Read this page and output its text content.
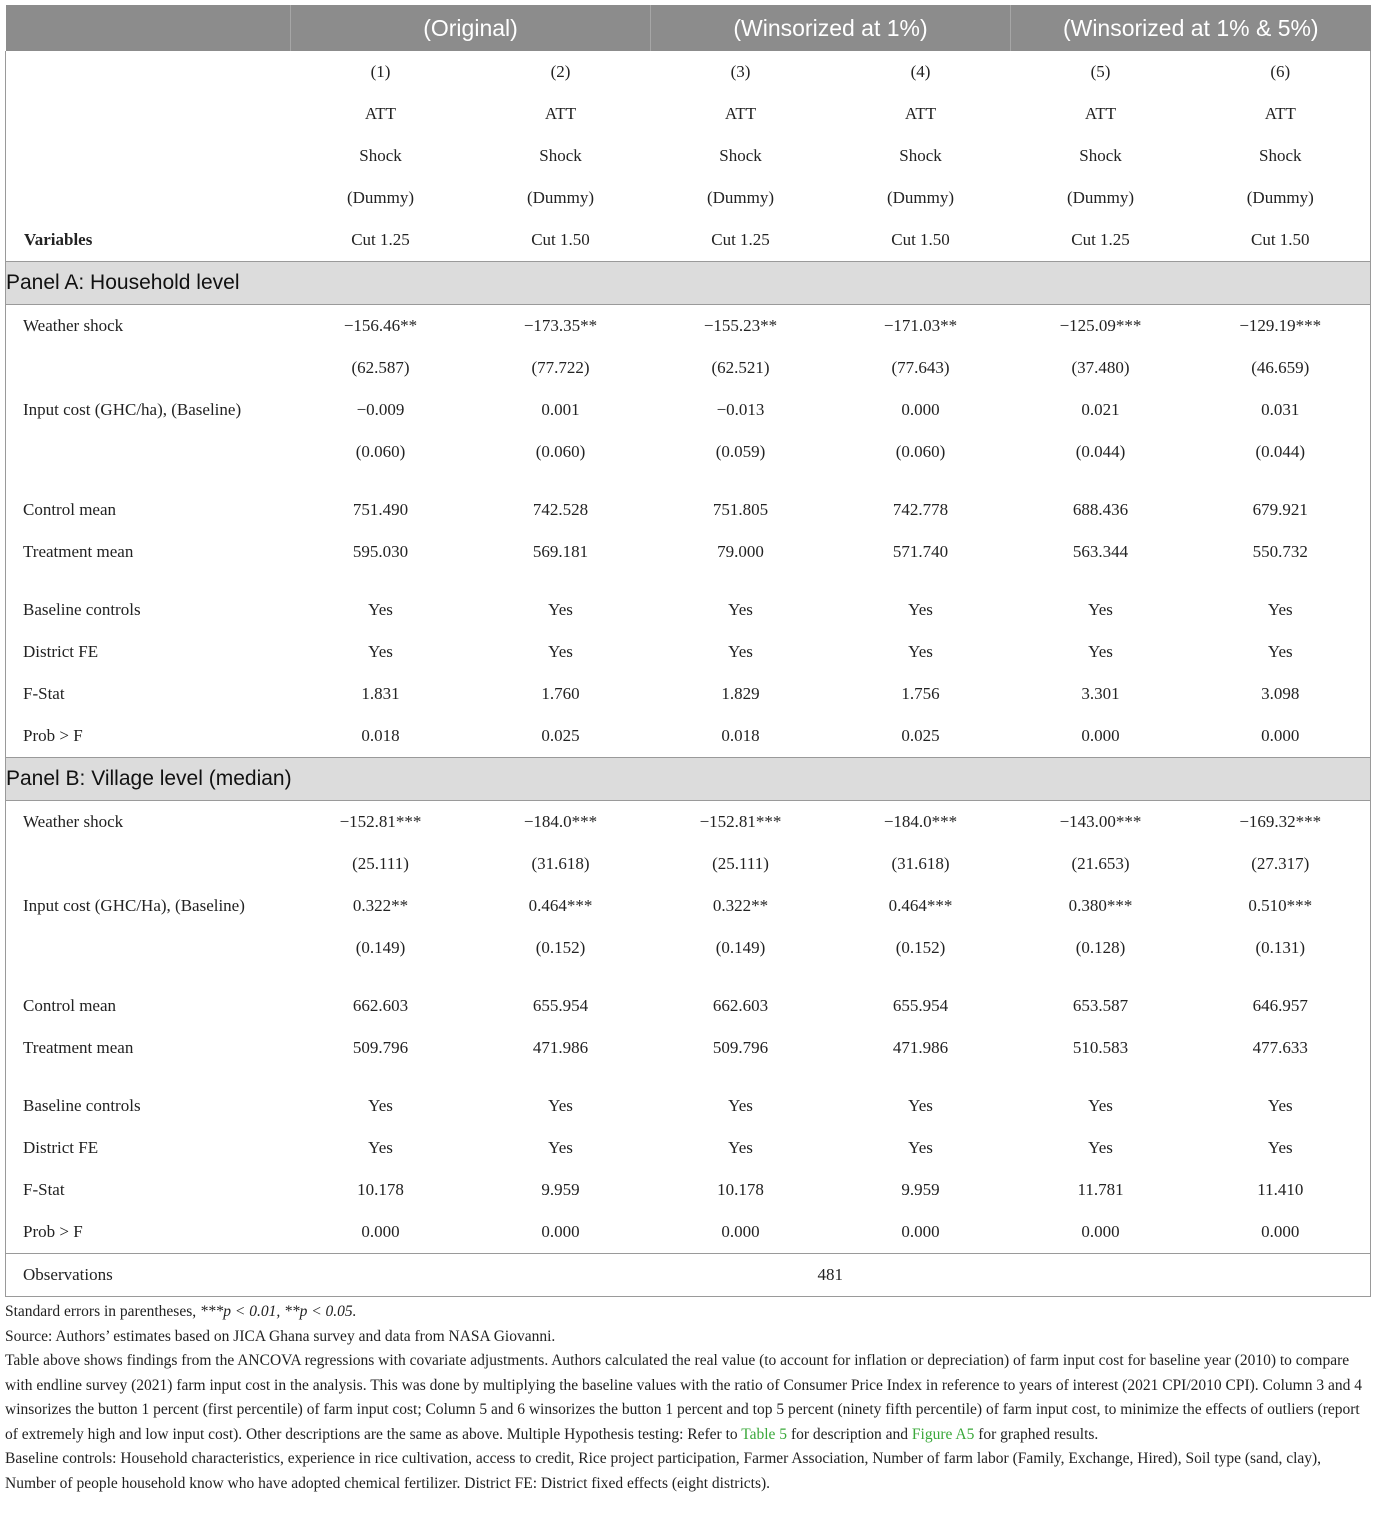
	(Original)		(Winsorized at 1%)		(Winsorized at 1% & 5%)	
	(1)	(2)	(3)	(4)	(5)	(6)
	ATT	ATT	ATT	ATT	ATT	ATT
	Shock	Shock	Shock	Shock	Shock	Shock
	(Dummy)	(Dummy)	(Dummy)	(Dummy)	(Dummy)	(Dummy)
Variables	Cut 1.25	Cut 1.50	Cut 1.25	Cut 1.50	Cut 1.25	Cut 1.50
Panel A: Household level						
Weather shock	−156.46**	−173.35**	−155.23**	−171.03**	−125.09***	−129.19***
	(62.587)	(77.722)	(62.521)	(77.643)	(37.480)	(46.659)
Input cost (GHC/ha), (Baseline)	−0.009	0.001	−0.013	0.000	0.021	0.031
	(0.060)	(0.060)	(0.059)	(0.060)	(0.044)	(0.044)

Control mean	751.490	742.528	751.805	742.778	688.436	679.921
Treatment mean	595.030	569.181	79.000	571.740	563.344	550.732

Baseline controls	Yes	Yes	Yes	Yes	Yes	Yes
District FE	Yes	Yes	Yes	Yes	Yes	Yes
F-Stat	1.831	1.760	1.829	1.756	3.301	3.098
Prob > F	0.018	0.025	0.018	0.025	0.000	0.000
Panel B: Village level (median)						
Weather shock	−152.81***	−184.0***	−152.81***	−184.0***	−143.00***	−169.32***
	(25.111)	(31.618)	(25.111)	(31.618)	(21.653)	(27.317)
Input cost (GHC/Ha), (Baseline)	0.322**	0.464***	0.322**	0.464***	0.380***	0.510***
	(0.149)	(0.152)	(0.149)	(0.152)	(0.128)	(0.131)

Control mean	662.603	655.954	662.603	655.954	653.587	646.957
Treatment mean	509.796	471.986	509.796	471.986	510.583	477.633

Baseline controls	Yes	Yes	Yes	Yes	Yes	Yes
District FE	Yes	Yes	Yes	Yes	Yes	Yes
F-Stat	10.178	9.959	10.178	9.959	11.781	11.410
Prob > F	0.000	0.000	0.000	0.000	0.000	0.000
Observations	481					

Standard errors in parentheses, ***p < 0.01, **p < 0.05.

Source: Authors’ estimates based on JICA Ghana survey and data from NASA Giovanni.

Table above shows findings from the ANCOVA regressions with covariate adjustments. Authors calculated the real value (to account for inflation or depreciation) of farm input cost for baseline year (2010) to compare with endline survey (2021) farm input cost in the analysis. This was done by multiplying the baseline values with the ratio of Consumer Price Index in reference to years of interest (2021 CPI/2010 CPI). Column 3 and 4 winsorizes the button 1 percent (first percentile) of farm input cost; Column 5 and 6 winsorizes the button 1 percent and top 5 percent (ninety fifth percentile) of farm input cost, to minimize the effects of outliers (report of extremely high and low input cost). Other descriptions are the same as above. Multiple Hypothesis testing: Refer to Table 5 for description and Figure A5 for graphed results.

Baseline controls: Household characteristics, experience in rice cultivation, access to credit, Rice project participation, Farmer Association, Number of farm labor (Family, Exchange, Hired), Soil type (sand, clay), Number of people household know who have adopted chemical fertilizer. District FE: District fixed effects (eight districts).
